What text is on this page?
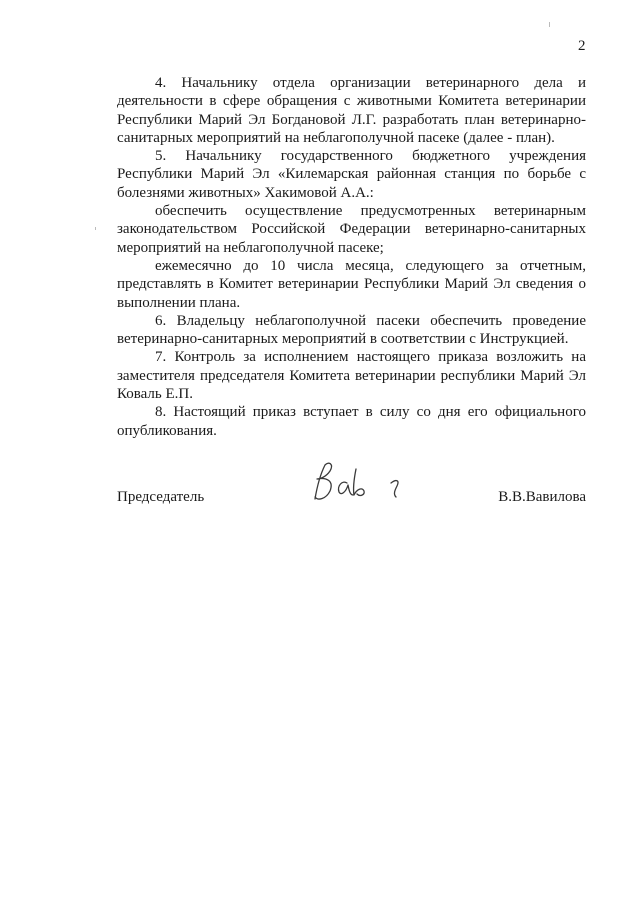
2

4. Начальнику отдела организации ветеринарного дела и деятельности в сфере обращения с животными Комитета ветеринарии Республики Марий Эл Богдановой Л.Г. разработать план ветеринарно-санитарных мероприятий на неблагополучной пасеке (далее - план).

5. Начальнику государственного бюджетного учреждения Республики Марий Эл «Килемарская районная станция по борьбе с болезнями животных» Хакимовой А.А.:

обеспечить осуществление предусмотренных ветеринарным законодательством Российской Федерации ветеринарно-санитарных мероприятий на неблагополучной пасеке;

ежемесячно до 10 числа месяца, следующего за отчетным, представлять в Комитет ветеринарии Республики Марий Эл сведения о выполнении плана.

6. Владельцу неблагополучной пасеки обеспечить проведение ветеринарно-санитарных мероприятий в соответствии с Инструкцией.

7. Контроль за исполнением настоящего приказа возложить на заместителя председателя Комитета ветеринарии республики Марий Эл Коваль Е.П.

8. Настоящий приказ вступает в силу со дня его официального опубликования.

Председатель	В.В.Вавилова
